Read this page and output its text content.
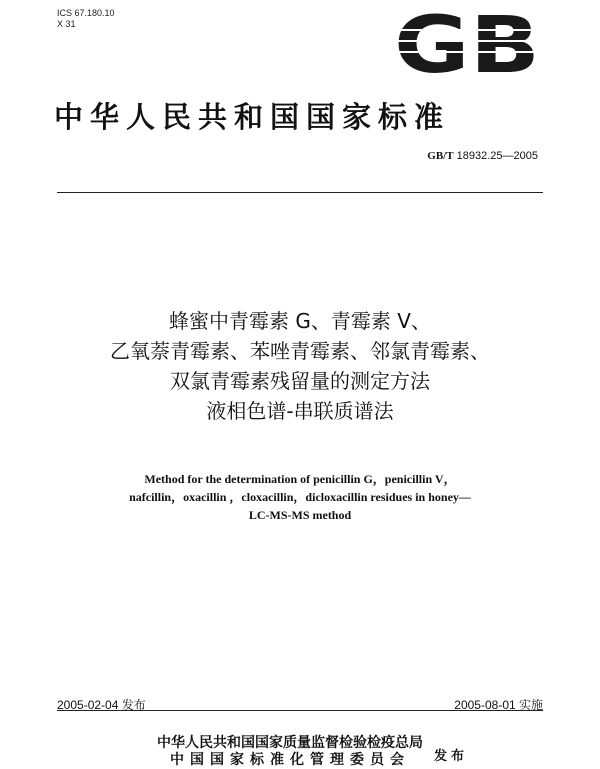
ICS 67.180.10
X 31	GB
中华人民共和国国家标准
GB/T 18932.25—2005
蜂蜜中青霉素 G、青霉素 V、
乙氧萘青霉素、苯唑青霉素、邻氯青霉素、
双氯青霉素残留量的测定方法
液相色谱-串联质谱法
Method for the determination of penicillin G，penicillin V，
nafcillin，oxacillin ，cloxacillin，dicloxacillin residues in honey—
LC-MS-MS method
2005-02-04 发布	2005-08-01 实施
中华人民共和国国家质量监督检验检疫总局
中国国家标准化管理委员会	发布
